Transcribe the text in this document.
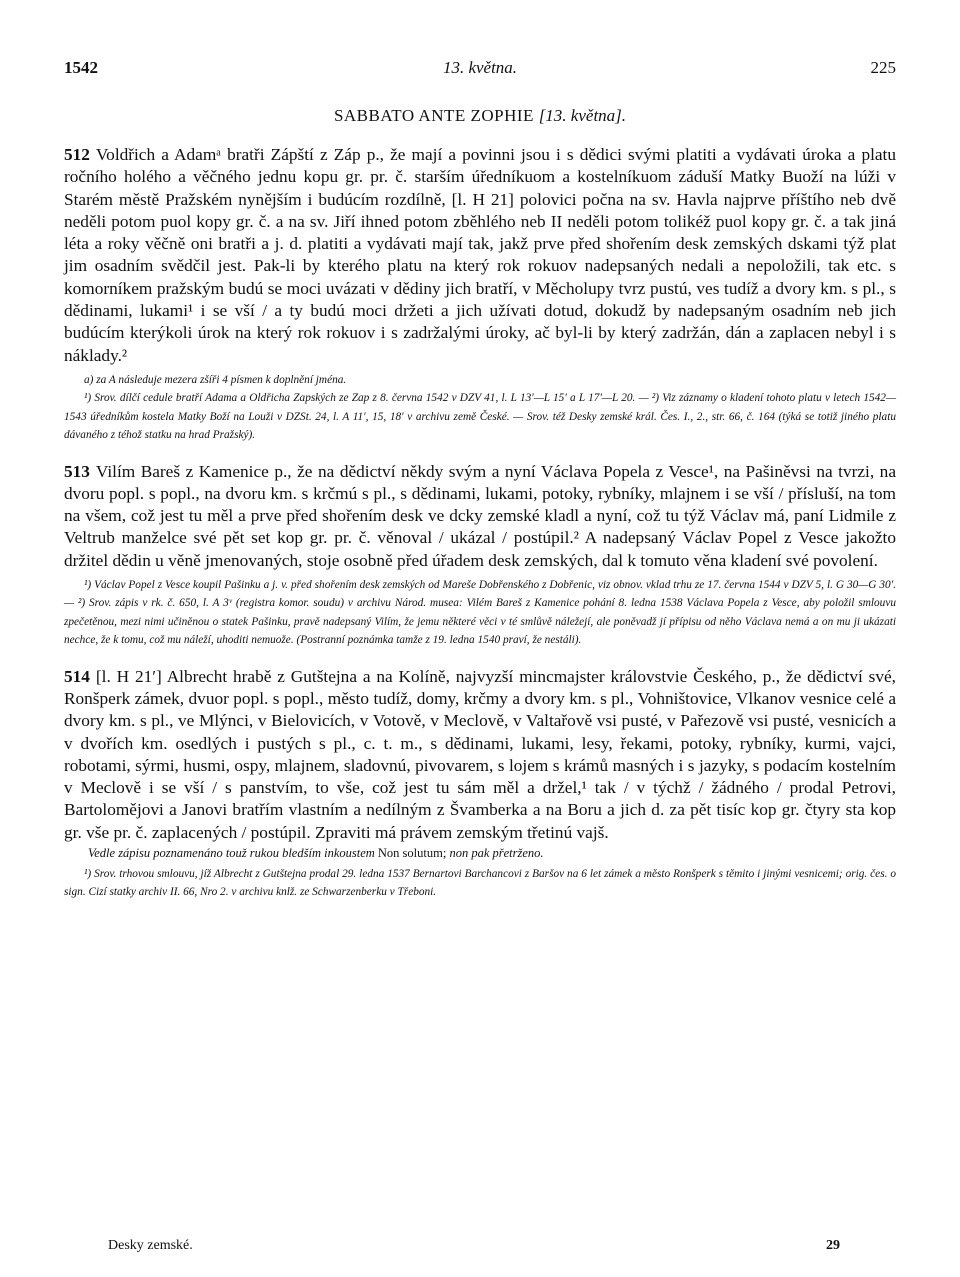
1542	13. května.	225
SABBATO ANTE ZOPHIE [13. května].

512 Voldřich a Adamᵃ bratři Zápští z Záp p., že mají a povinni jsou i s dědici svými platiti a vydávati úroka a platu ročního holého a věčného jednu kopu gr. pr. č. starším úředníkuom a kostelníkuom záduší Matky Buoží na lúži v Starém městě Pražském nynějším i budúcím rozdílně, [l. H 21] polovici počna na sv. Havla najprve příštího neb dvě neděli potom puol kopy gr. č. a na sv. Jiří ihned potom zběhlého neb II neděli potom tolikéž puol kopy gr. č. a tak jiná léta a roky věčně oni bratři a j. d. platiti a vydávati mají tak, jakž prve před shořením desk zemských dskami týž plat jim osadním svědčil jest. Pak-li by kterého platu na který rok rokuov nadepsaných nedali a nepoložili, tak etc. s komorníkem pražským budú se moci uvázati v dědiny jich bratří, v Měcholupy tvrz pustú, ves tudíž a dvory km. s pl., s dědinami, lukami¹ i se vší / a ty budú moci držeti a jich užívati dotud, dokudž by nadepsaným osadním neb jich budúcím kterýkoli úrok na který rok rokuov i s zadržalými úroky, ač byl-li by který zadržán, dán a zaplacen nebyl i s náklady.²

a) za A následuje mezera zšíři 4 písmen k doplnění jména.

¹) Srov. dílčí cedule bratří Adama a Oldřicha Zapských ze Zap z 8. června 1542 v DZV 41, l. L 13′—L 15′ a L 17′—L 20. — ²) Viz záznamy o kladení tohoto platu v letech 1542—1543 úředníkům kostela Matky Boží na Louži v DZSt. 24, l. A 11′, 15, 18′ v archivu země České. — Srov. též Desky zemské král. Čes. I., 2., str. 66, č. 164 (týká se totiž jiného platu dávaného z téhož statku na hrad Pražský).

513 Vilím Bareš z Kamenice p., že na dědictví někdy svým a nyní Václava Popela z Vesce¹, na Pašiněvsi na tvrzi, na dvoru popl. s popl., na dvoru km. s krčmú s pl., s dědinami, lukami, potoky, rybníky, mlajnem i se vší / přísluší, na tom na všem, což jest tu měl a prve před shořením desk ve dcky zemské kladl a nyní, což tu týž Václav má, paní Lidmile z Veltrub manželce své pět set kop gr. pr. č. věnoval / ukázal / postúpil.² A nadepsaný Václav Popel z Vesce jakožto držitel dědin u věně jmenovaných, stoje osobně před úřadem desk zemských, dal k tomuto věna kladení své povolení.

¹) Václav Popel z Vesce koupil Pašinku a j. v. před shořením desk zemských od Mareše Dobřenského z Dobřenic, viz obnov. vklad trhu ze 17. června 1544 v DZV 5, l. G 30—G 30′. — ²) Srov. zápis v rk. č. 650, l. A 3ᵛ (registra komor. soudu) v archivu Národ. musea: Vilém Bareš z Kamenice pohání 8. ledna 1538 Václava Popela z Vesce, aby položil smlouvu zpečetěnou, mezi nimi učiněnou o statek Pašinku, pravě nadepsaný Vilím, že jemu některé věci v té smlůvě náležejí, ale poněvadž jí přípisu od něho Václava nemá a on mu ji ukázati nechce, že k tomu, což mu náleží, uhoditi nemuože. (Postranní poznámka tamže z 19. ledna 1540 praví, že nestáli).

514 [l. H 21′] Albrecht hrabě z Gutštejna a na Kolíně, najvyzší mincmajster královstvie Českého, p., že dědictví své, Ronšperk zámek, dvuor popl. s popl., město tudíž, domy, krčmy a dvory km. s pl., Vohništovice, Vlkanov vesnice celé a dvory km. s pl., ve Mlýnci, v Bielovicích, v Votově, v Meclově, v Valtařově vsi pusté, v Pařezově vsi pusté, vesnicích a v dvořích km. osedlých i pustých s pl., c. t. m., s dědinami, lukami, lesy, řekami, potoky, rybníky, kurmi, vajci, robotami, sýrmi, husmi, ospy, mlajnem, sladovnú, pivovarem, s lojem s krámů masných i s jazyky, s podacím kostelním v Meclově i se vší / s panstvím, to vše, což jest tu sám měl a držel,¹ tak / v týchž / žádného / prodal Petrovi, Bartolomějovi a Janovi bratřím vlastním a nedílným z Švamberka a na Boru a jich d. za pět tisíc kop gr. čtyry sta kop gr. vše pr. č. zaplacených / postúpil. Zpraviti má právem zemským třetinú vajš.

Vedle zápisu poznamenáno touž rukou bledším inkoustem Non solutum; non pak přetrženo.

¹) Srov. trhovou smlouvu, jíž Albrecht z Gutštejna prodal 29. ledna 1537 Bernartovi Barchancovi z Baršov na 6 let zámek a město Ronšperk s těmito i jinými vesnicemi; orig. čes. o sign. Cizí statky archiv II. 66, Nro 2. v archivu knlž. ze Schwarzenberku v Třeboni.

Desky zemské.	29
